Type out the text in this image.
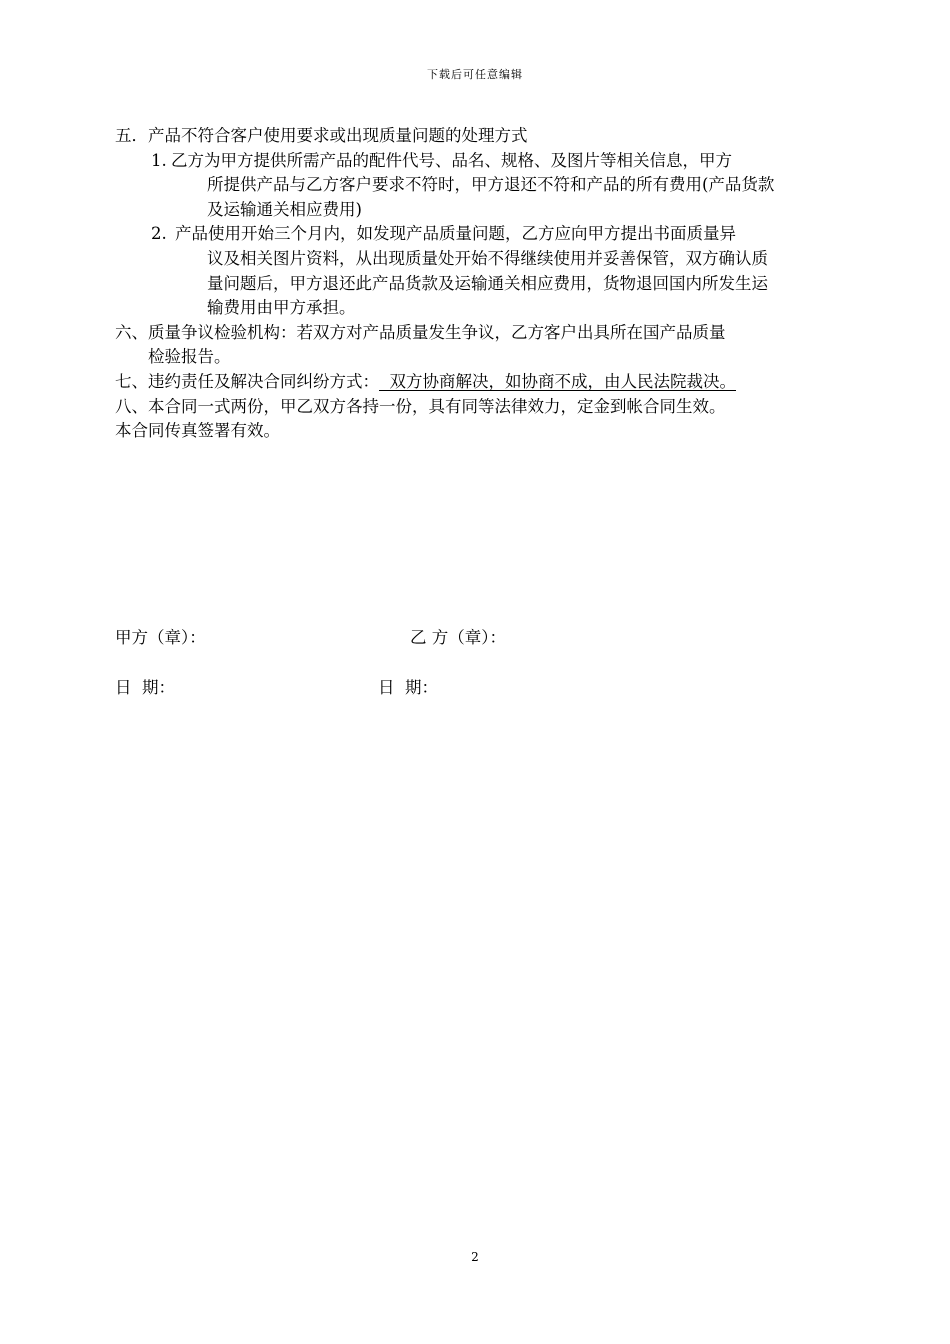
下载后可任意编辑
五．产品不符合客户使用要求或出现质量问题的处理方式
1. 乙方为甲方提供所需产品的配件代号、品名、规格、及图片等相关信息，甲方
所提供产品与乙方客户要求不符时，甲方退还不符和产品的所有费用(产品货款
及运输通关相应费用)
2. 产品使用开始三个月内，如发现产品质量问题，乙方应向甲方提出书面质量异
议及相关图片资料，从出现质量处开始不得继续使用并妥善保管，双方确认质
量问题后，甲方退还此产品货款及运输通关相应费用，货物退回国内所发生运
输费用由甲方承担。
六、质量争议检验机构：若双方对产品质量发生争议，乙方客户出具所在国产品质量
检验报告。
七、违约责任及解决合同纠纷方式：  双方协商解决，如协商不成，由人民法院裁决。
八、本合同一式两份，甲乙双方各持一份，具有同等法律效力，定金到帐合同生效。
本合同传真签署有效。
甲方（章）：	乙 方（章）：
日  期：	日  期：
2
